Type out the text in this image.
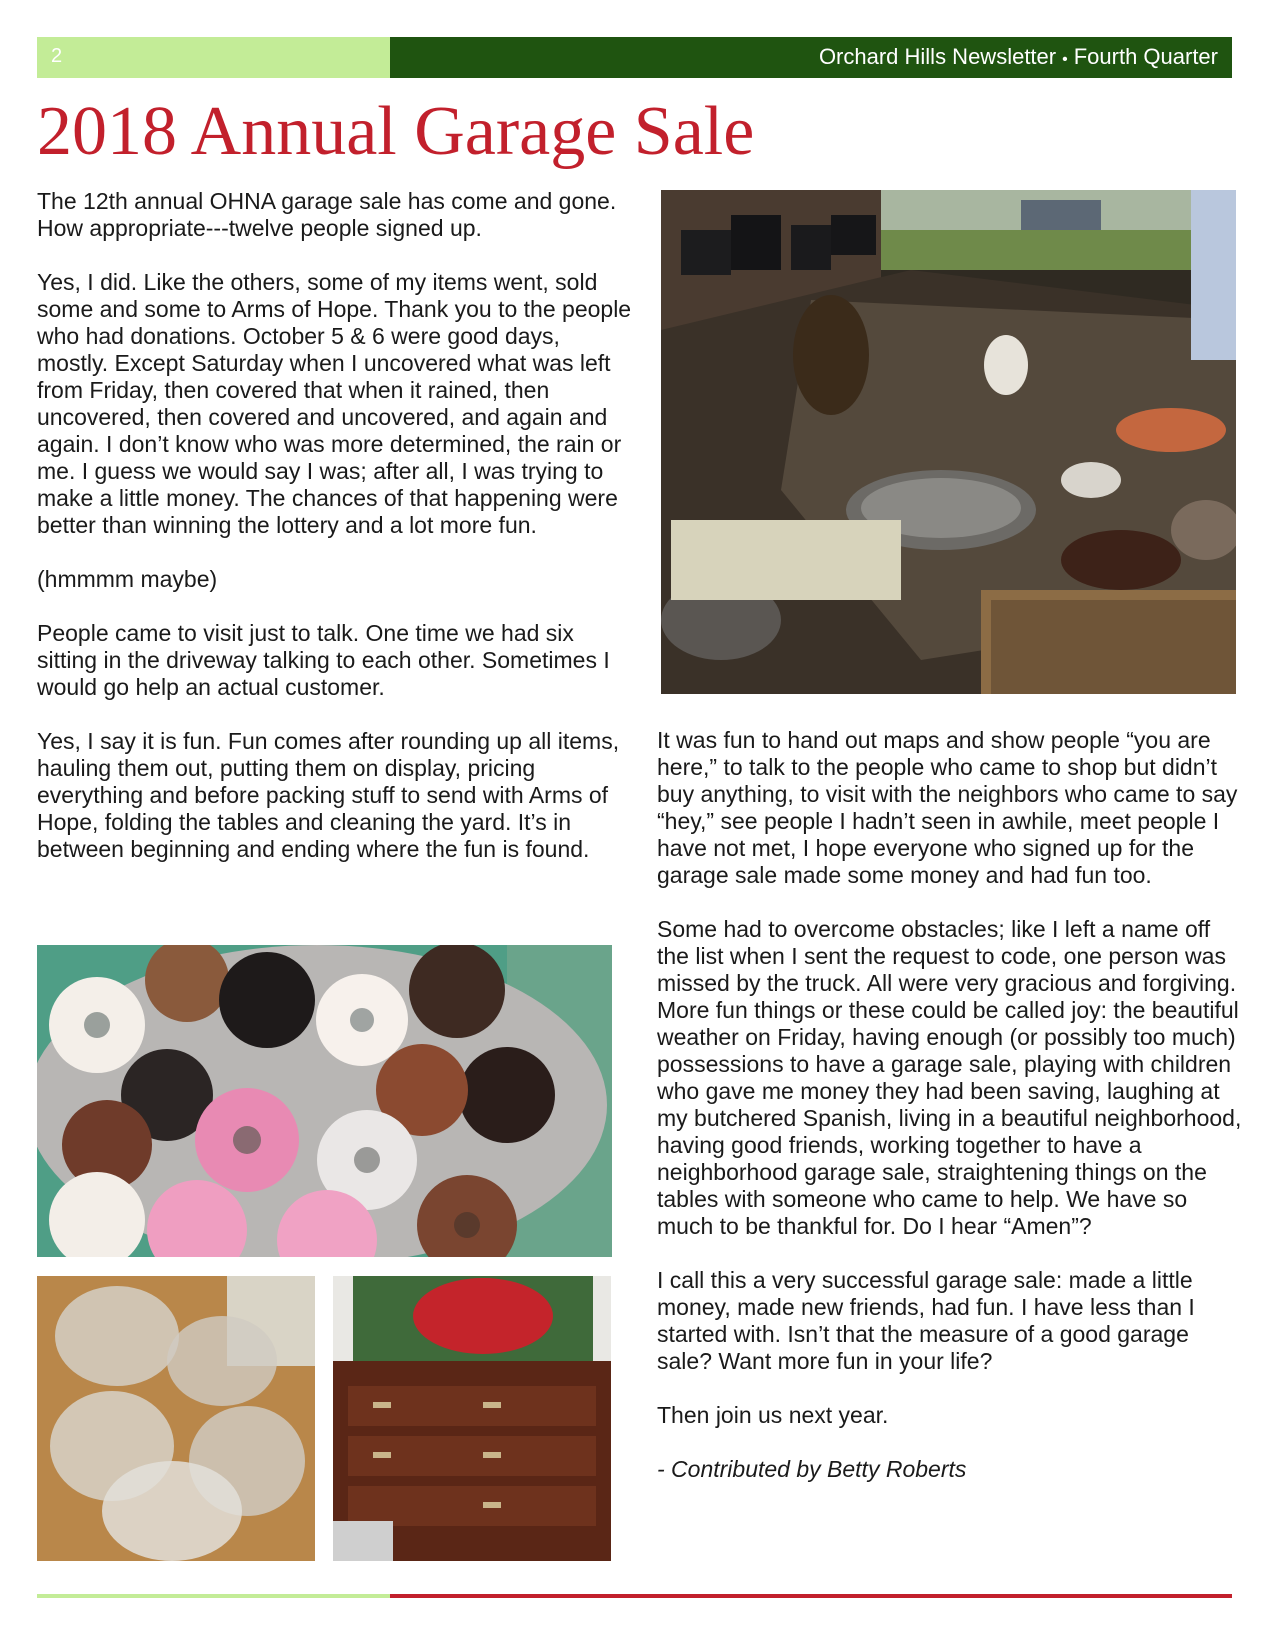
2	Orchard Hills Newsletter • Fourth Quarter
2018 Annual Garage Sale

The 12th annual OHNA garage sale has come and gone. How appropriate---twelve people signed up.

Yes, I did. Like the others, some of my items went, sold some and some to Arms of Hope. Thank you to the people who had donations. October 5 & 6 were good days, mostly. Except Saturday when I uncovered what was left from Friday, then covered that when it rained, then uncovered, then covered and uncovered, and again and again. I don’t know who was more determined, the rain or me. I guess we would say I was; after all, I was trying to make a little money. The chances of that happening were better than winning the lottery and a lot more fun.

(hmmmm maybe)

People came to visit just to talk. One time we had six sitting in the driveway talking to each other. Sometimes I would go help an actual customer.

Yes, I say it is fun. Fun comes after rounding up all items, hauling them out, putting them on display, pricing everything and before packing stuff to send with Arms of Hope, folding the tables and cleaning the yard. It’s in between beginning and ending where the fun is found.

It was fun to hand out maps and show people “you are here,” to talk to the people who came to shop but didn’t buy anything, to visit with the neighbors who came to say “hey,” see people I hadn’t seen in awhile, meet people I have not met, I hope everyone who signed up for the garage sale made some money and had fun too.

Some had to overcome obstacles; like I left a name off the list when I sent the request to code, one person was missed by the truck. All were very gracious and forgiving. More fun things or these could be called joy: the beautiful weather on Friday, having enough (or possibly too much) possessions to have a garage sale, playing with children who gave me money they had been saving, laughing at my butchered Spanish, living in a beautiful neighborhood, having good friends, working together to have a neighborhood garage sale, straightening things on the tables with someone who came to help. We have so much to be thankful for. Do I hear “Amen”?

I call this a very successful garage sale: made a little money, made new friends, had fun. I have less than I started with. Isn’t that the measure of a good garage sale? Want more fun in your life?

Then join us next year.

- Contributed by Betty Roberts
